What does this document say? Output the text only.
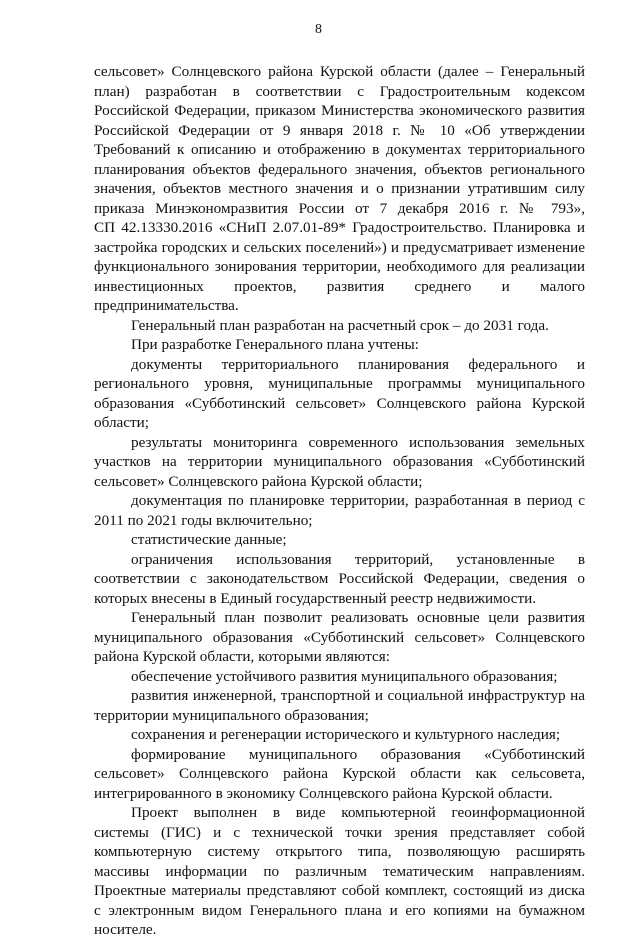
8
сельсовет» Солнцевского района Курской области (далее – Генеральный
план) разработан в соответствии с Градостроительным кодексом
Российской Федерации, приказом Министерства экономического развития
Российской Федерации от 9 января 2018 г. № 10 «Об утверждении
Требований к описанию и отображению в документах территориального
планирования объектов федерального значения, объектов регионального
значения, объектов местного значения и о признании утратившим силу
приказа Минэкономразвития России от 7 декабря 2016 г. № 793»,
СП 42.13330.2016 «СНиП 2.07.01-89* Градостроительство. Планировка и
застройка городских и сельских поселений») и предусматривает изменение
функционального зонирования территории, необходимого для реализации
инвестиционных проектов, развития среднего и малого
предпринимательства.
Генеральный план разработан на расчетный срок – до 2031 года.
При разработке Генерального плана учтены:
документы территориального планирования федерального и
регионального уровня, муниципальные программы муниципального
образования «Субботинский сельсовет» Солнцевского района Курской
области;
результаты мониторинга современного использования земельных
участков на территории муниципального образования «Субботинский
сельсовет» Солнцевского района Курской области;
документация по планировке территории, разработанная в период с
2011 по 2021 годы включительно;
статистические данные;
ограничения использования территорий, установленные в
соответствии с законодательством Российской Федерации, сведения о
которых внесены в Единый государственный реестр недвижимости.
Генеральный план позволит реализовать основные цели развития
муниципального образования «Субботинский сельсовет» Солнцевского
района Курской области, которыми являются:
обеспечение устойчивого развития муниципального образования;
развития инженерной, транспортной и социальной инфраструктур на
территории муниципального образования;
сохранения и регенерации исторического и культурного наследия;
формирование муниципального образования «Субботинский
сельсовет» Солнцевского района Курской области как сельсовета,
интегрированного в экономику Солнцевского района Курской области.
Проект выполнен в виде компьютерной геоинформационной
системы (ГИС) и с технической точки зрения представляет собой
компьютерную систему открытого типа, позволяющую расширять
массивы информации по различным тематическим направлениям.
Проектные материалы представляют собой комплект, состоящий из диска
с электронным видом Генерального плана и его копиями на бумажном
носителе.
